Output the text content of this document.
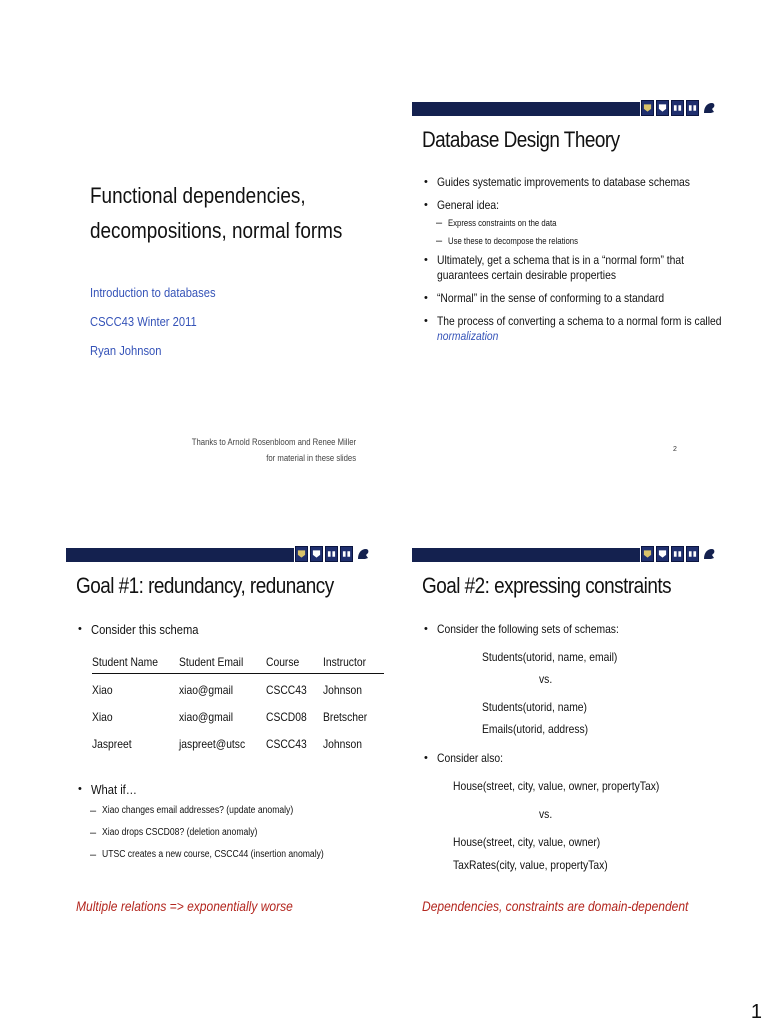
Functional dependencies,
decompositions, normal forms
Introduction to databases
CSCC43 Winter 2011
Ryan Johnson
Thanks to Arnold Rosenbloom and Renee Miller
for material in these slides
Database Design Theory
• Guides systematic improvements to database schemas
• General idea:
– Express constraints on the data
– Use these to decompose the relations
• Ultimately, get a schema that is in a “normal form” that
guarantees certain desirable properties
• “Normal” in the sense of conforming to a standard
• The process of converting a schema to a normal form is called
normalization
2
Goal #1: redundancy, redunancy
• Consider this schema
Student Name	Student Email	Course	Instructor
Xiao	xiao@gmail	CSCC43	Johnson
Xiao	xiao@gmail	CSCD08	Bretscher
Jaspreet	jaspreet@utsc	CSCC43	Johnson
• What if…
– Xiao changes email addresses? (update anomaly)
– Xiao drops CSCD08? (deletion anomaly)
– UTSC creates a new course, CSCC44 (insertion anomaly)
Multiple relations => exponentially worse
Goal #2: expressing constraints
• Consider the following sets of schemas:
Students(utorid, name, email)
vs.
Students(utorid, name)
Emails(utorid, address)
• Consider also:
House(street, city, value, owner, propertyTax)
vs.
House(street, city, value, owner)
TaxRates(city, value, propertyTax)
Dependencies, constraints are domain-dependent
1
